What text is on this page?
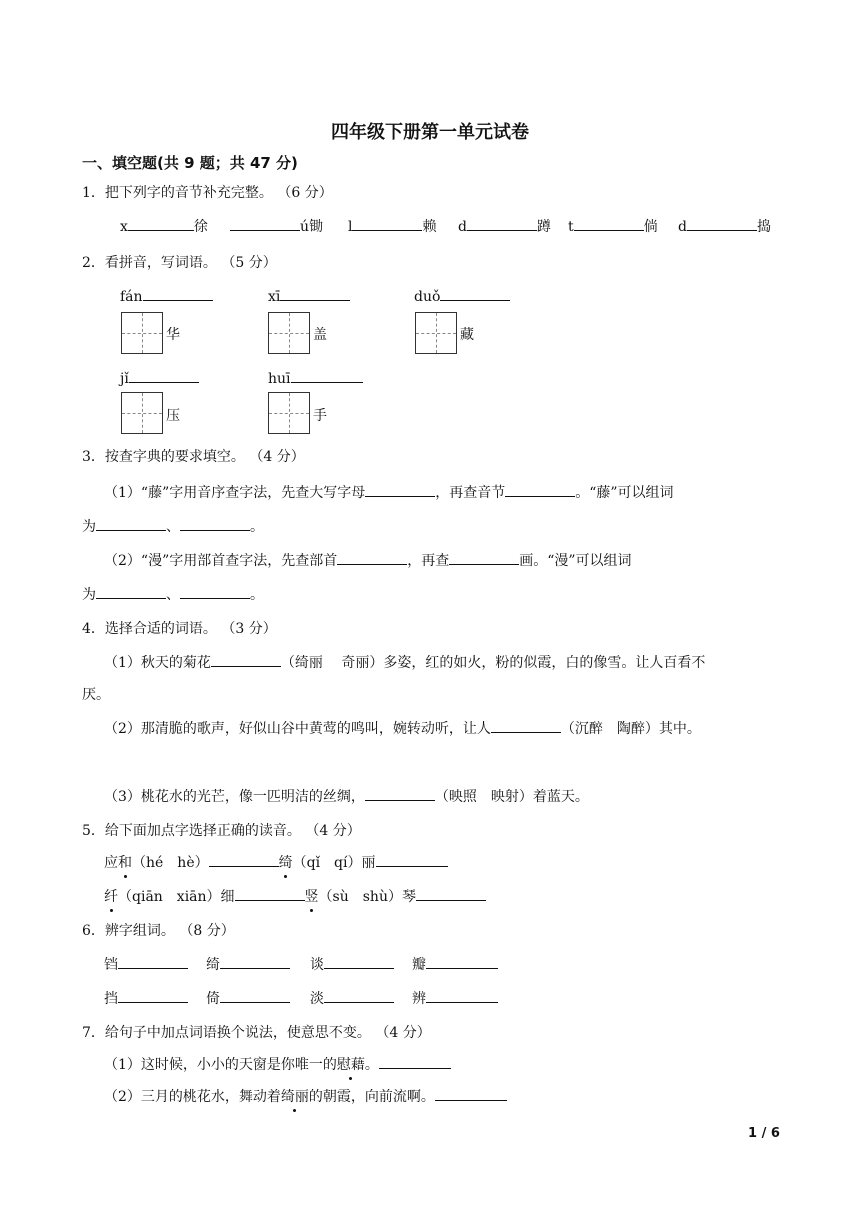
四年级下册第一单元试卷
一、填空题(共 9 题；共 47 分)
1．把下列字的音节补充完整。 （6 分）
x	徐	ú锄 l	赖 d	蹲 t	倘 d	捣
2．看拼音，写词语。 （5 分）
fán	xī	duǒ
华	盖	藏
jǐ	huī
压	手
3．按查字典的要求填空。 （4 分）
（1）“藤”字用音序查字法，先查大写字母	，再查音节	。“藤”可以组词
为	、	。
（2）“漫”字用部首查字法，先查部首	，再查	画。“漫”可以组词
为	、	。
4．选择合适的词语。 （3 分）
（1）秋天的菊花	（绮丽　 奇丽）多姿，红的如火，粉的似霞，白的像雪。让人百看不
厌。
（2）那清脆的歌声，好似山谷中黄莺的鸣叫，婉转动听，让人	（沉醉　陶醉）其中。
（3）桃花水的光芒，像一匹明洁的丝绸，	（映照　映射）着蓝天。
5．给下面加点字选择正确的读音。 （4 分）
应和（hé　hè）	绮（qǐ　qí）丽
纤（qiān　xiān）细	竖（sù　shù）琴
6．辨字组词。 （8 分）
铛	绮	谈	瓣
挡	倚	淡	辨
7．给句子中加点词语换个说法，使意思不变。 （4 分）
（1）这时候，小小的天窗是你唯一的慰藉。
（2）三月的桃花水，舞动着绮丽的朝霞，向前流啊。
1 / 6
